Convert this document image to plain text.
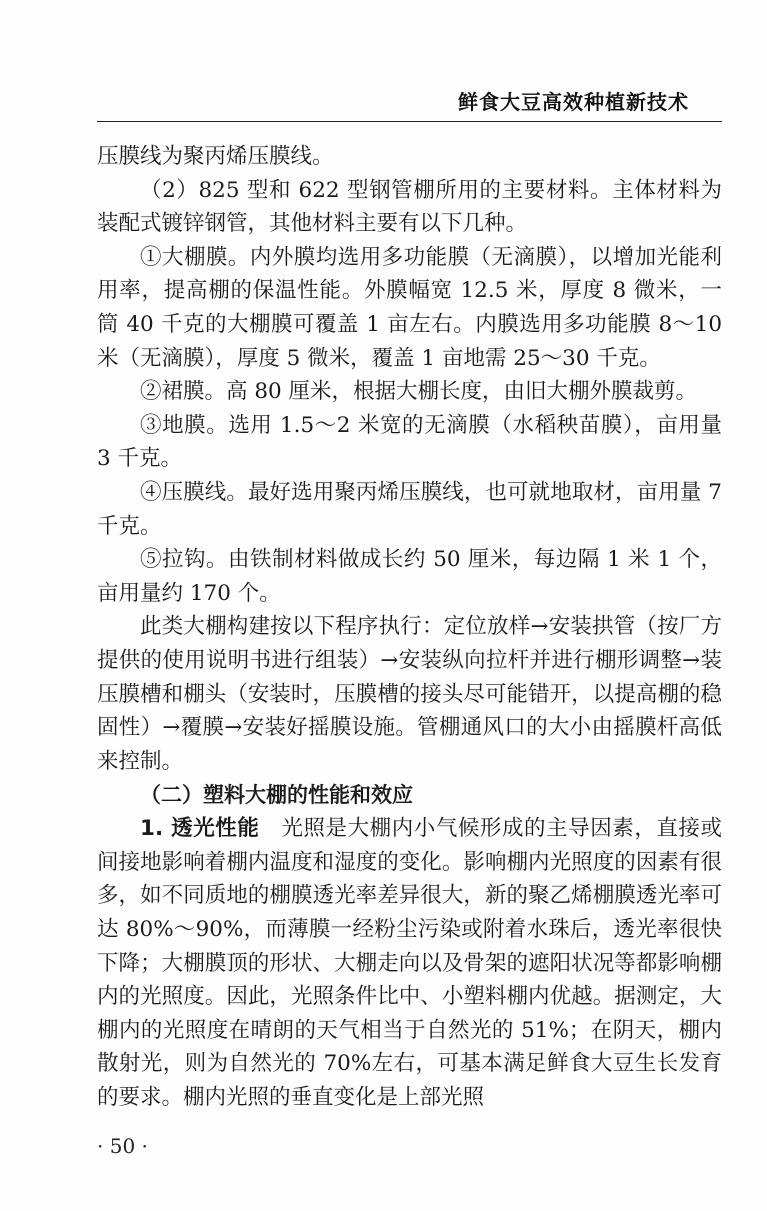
鲜食大豆高效种植新技术

压膜线为聚丙烯压膜线。

（2）825 型和 622 型钢管棚所用的主要材料。主体材料为装配式镀锌钢管，其他材料主要有以下几种。

①大棚膜。内外膜均选用多功能膜（无滴膜），以增加光能利用率，提高棚的保温性能。外膜幅宽 12.5 米，厚度 8 微米，一筒 40 千克的大棚膜可覆盖 1 亩左右。内膜选用多功能膜 8～10 米（无滴膜），厚度 5 微米，覆盖 1 亩地需 25～30 千克。

②裙膜。高 80 厘米，根据大棚长度，由旧大棚外膜裁剪。

③地膜。选用 1.5～2 米宽的无滴膜（水稻秧苗膜），亩用量 3 千克。

④压膜线。最好选用聚丙烯压膜线，也可就地取材，亩用量 7 千克。

⑤拉钩。由铁制材料做成长约 50 厘米，每边隔 1 米 1 个，亩用量约 170 个。

此类大棚构建按以下程序执行：定位放样→安装拱管（按厂方提供的使用说明书进行组装）→安装纵向拉杆并进行棚形调整→装压膜槽和棚头（安装时，压膜槽的接头尽可能错开，以提高棚的稳固性）→覆膜→安装好摇膜设施。管棚通风口的大小由摇膜杆高低来控制。

（二）塑料大棚的性能和效应

1. 透光性能　光照是大棚内小气候形成的主导因素，直接或间接地影响着棚内温度和湿度的变化。影响棚内光照度的因素有很多，如不同质地的棚膜透光率差异很大，新的聚乙烯棚膜透光率可达 80%～90%，而薄膜一经粉尘污染或附着水珠后，透光率很快下降；大棚膜顶的形状、大棚走向以及骨架的遮阳状况等都影响棚内的光照度。因此，光照条件比中、小塑料棚内优越。据测定，大棚内的光照度在晴朗的天气相当于自然光的 51%；在阴天，棚内散射光，则为自然光的 70%左右，可基本满足鲜食大豆生长发育的要求。棚内光照的垂直变化是上部光照

· 50 ·
